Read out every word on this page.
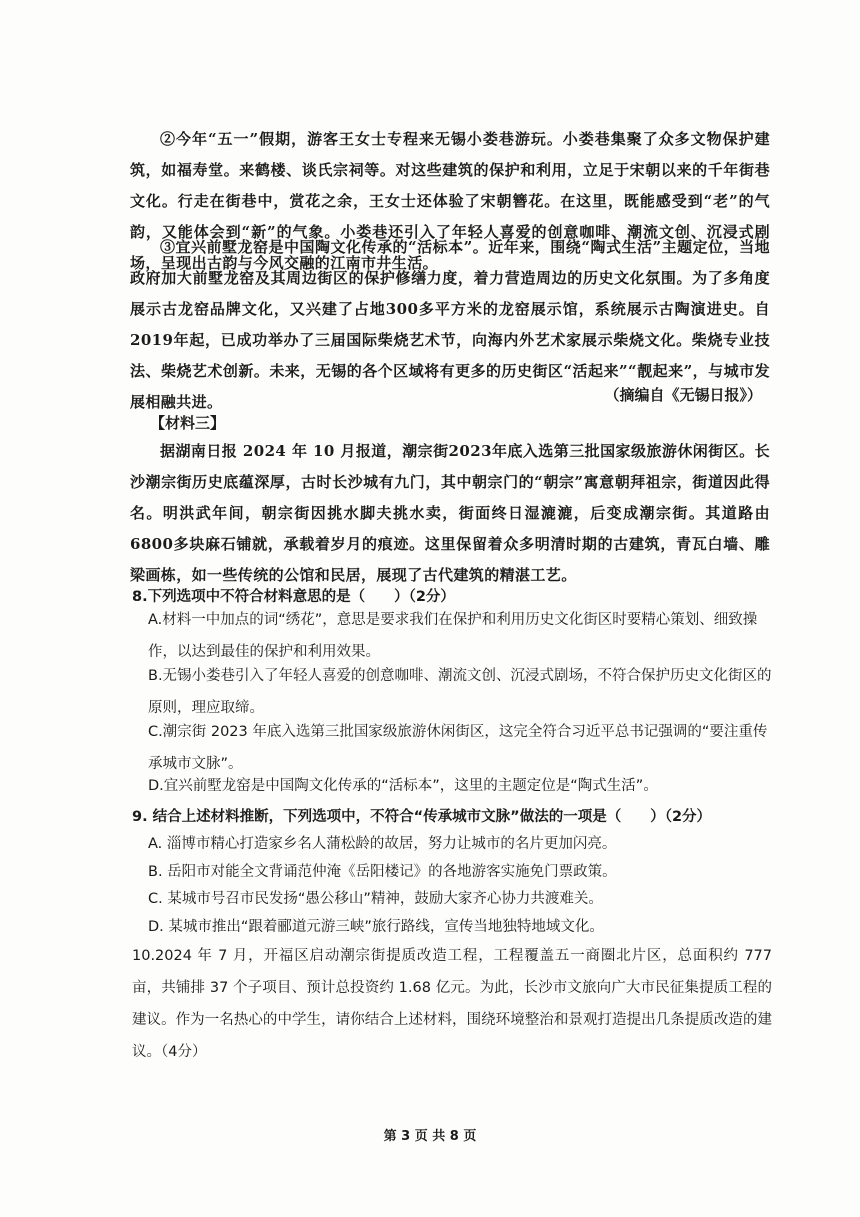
②今年“五一”假期，游客王女士专程来无锡小娄巷游玩。小娄巷集聚了众多文物保护建筑，如福寿堂。来鹤楼、谈氏宗祠等。对这些建筑的保护和利用，立足于宋朝以来的千年街巷文化。行走在街巷中，赏花之余，王女士还体验了宋朝簪花。在这里，既能感受到“老”的气韵，又能体会到“新”的气象。小娄巷还引入了年轻人喜爱的创意咖啡、潮流文创、沉浸式剧场，呈现出古韵与今风交融的江南市井生活。
③宜兴前墅龙窑是中国陶文化传承的“活标本”。近年来，围绕“陶式生活”主题定位，当地政府加大前墅龙窑及其周边街区的保护修缮力度，着力营造周边的历史文化氛围。为了多角度展示古龙窑品牌文化，又兴建了占地300多平方米的龙窑展示馆，系统展示古陶演进史。自2019年起，已成功举办了三届国际柴烧艺术节，向海内外艺术家展示柴烧文化。柴烧专业技法、柴烧艺术创新。未来，无锡的各个区域将有更多的历史街区“活起来”“靓起来”，与城市发展相融共进。	（摘编自《无锡日报》）
【材料三】
据湖南日报 2024 年 10 月报道，潮宗街2023年底入选第三批国家级旅游休闲街区。长沙潮宗街历史底蕴深厚，古时长沙城有九门，其中朝宗门的“朝宗”寓意朝拜祖宗，街道因此得名。明洪武年间，朝宗街因挑水脚夫挑水卖，街面终日湿漉漉，后变成潮宗街。其道路由6800多块麻石铺就，承载着岁月的痕迹。这里保留着众多明清时期的古建筑，青瓦白墙、雕梁画栋，如一些传统的公馆和民居，展现了古代建筑的精湛工艺。
8.下列选项中不符合材料意思的是（　　）（2分）
A.材料一中加点的词“绣花”，意思是要求我们在保护和利用历史文化街区时要精心策划、细致操作，以达到最佳的保护和利用效果。
B.无锡小娄巷引入了年轻人喜爱的创意咖啡、潮流文创、沉浸式剧场，不符合保护历史文化街区的原则，理应取缔。
C.潮宗街 2023 年底入选第三批国家级旅游休闲街区，这完全符合习近平总书记强调的“要注重传承城市文脉”。
D.宜兴前墅龙窑是中国陶文化传承的“活标本”，这里的主题定位是“陶式生活”。
9. 结合上述材料推断，下列选项中，不符合“传承城市文脉”做法的一项是（　　）（2分）
A. 淄博市精心打造家乡名人蒲松龄的故居，努力让城市的名片更加闪亮。
B. 岳阳市对能全文背诵范仲淹《岳阳楼记》的各地游客实施免门票政策。
C. 某城市号召市民发扬“愚公移山”精神，鼓励大家齐心协力共渡难关。
D. 某城市推出“跟着郦道元游三峡”旅行路线，宣传当地独特地域文化。
10.2024 年 7 月，开福区启动潮宗街提质改造工程，工程覆盖五一商圈北片区，总面积约 777 亩，共铺排 37 个子项目、预计总投资约 1.68 亿元。为此，长沙市文旅向广大市民征集提质工程的建议。作为一名热心的中学生，请你结合上述材料，围绕环境整治和景观打造提出几条提质改造的建议。（4分）
第 3 页 共 8 页
